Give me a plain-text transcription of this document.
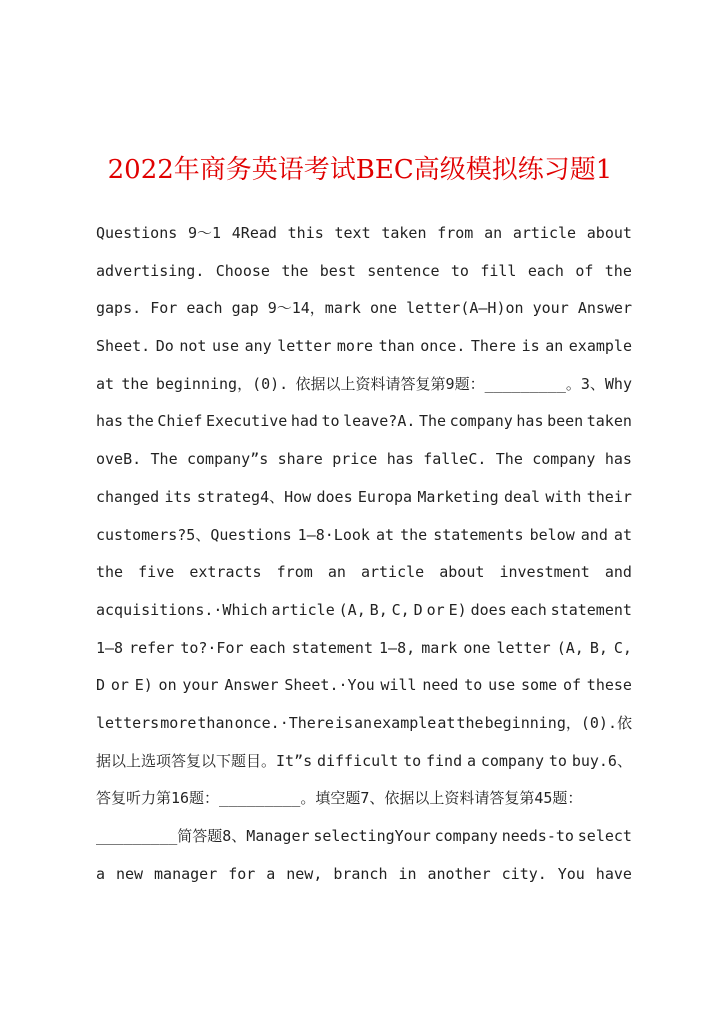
2022年商务英语考试BEC高级模拟练习题1
Questions 9～1 4Read this text taken from an article about
advertising. Choose the best sentence to fill each of the
gaps. For each gap 9～14，mark one letter(A—H)on your Answer
Sheet. Do not use any letter more than once. There is an example
at the beginning，(0). 依据以上资料请答复第9题：_________。3、Why
has the Chief Executive had to leave?A. The company has been taken
oveB. The company”s share price has falleC. The company has
changed its strateg4、How does Europa Marketing deal with their
customers?5、Questions 1—8·Look at the statements below and at
the five extracts from an article about investment and
acquisitions.·Which article (A, B, C, D or E) does each statement
1—8 refer to?·For each statement 1—8, mark one letter (A, B, C,
D or E) on your Answer Sheet.·You will need to use some of these
letters more than once.·There is an example at the beginning，(0).依
据以上选项答复以下题目。It”s difficult to find a company to buy.6、
答复听力第16题：_________。填空题7、依据以上资料请答复第45题：
_________简答题8、Manager selectingYour company needs-to select
a new manager for a new, branch in another city. You have
